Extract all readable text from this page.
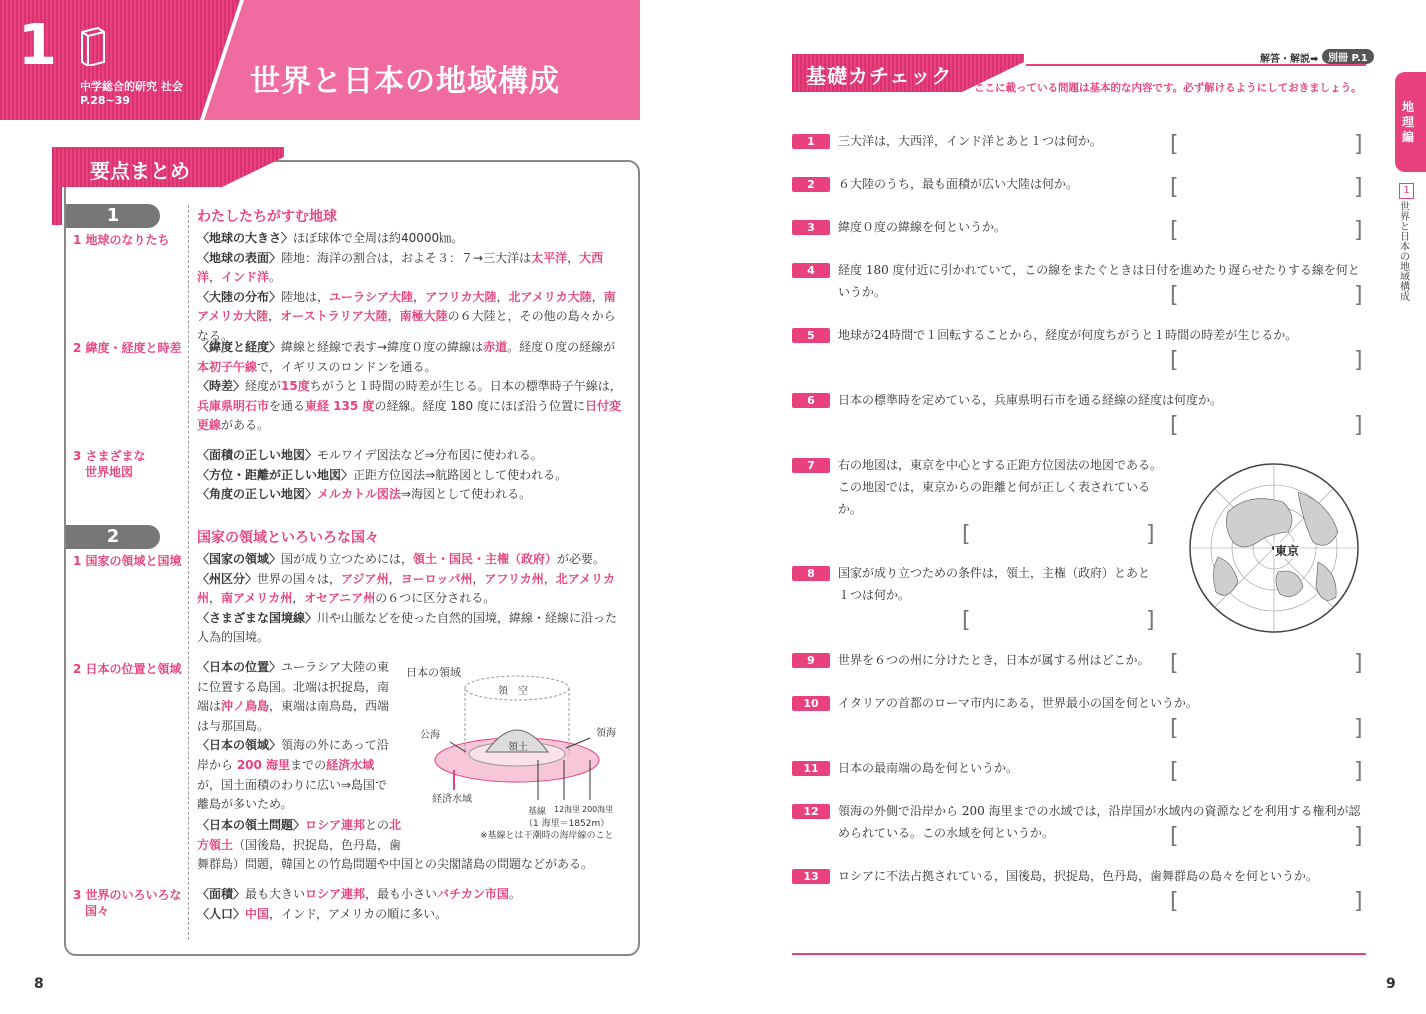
1
中学総合的研究 社会
P.28~39
世界と日本の地域構成
要点まとめ
1	わたしたちがすむ地球
1 地球のなりたち
2 緯度・経度と時差
3 さまざまな
世界地図

〈地球の大きさ〉ほぼ球体で全周は約40000㎞。

〈地球の表面〉陸地：海洋の割合は，およそ３：７→三大洋は太平洋，大西洋，インド洋。

〈大陸の分布〉陸地は，ユーラシア大陸，アフリカ大陸，北アメリカ大陸，南アメリカ大陸，オーストラリア大陸，南極大陸の６大陸と，その他の島々からなる。

〈緯度と経度〉緯線と経線で表す→緯度０度の緯線は赤道。経度０度の経線が本初子午線で，イギリスのロンドンを通る。

〈時差〉経度が15度ちがうと１時間の時差が生じる。日本の標準時子午線は，兵庫県明石市を通る東経 135 度の経線。経度 180 度にほぼ沿う位置に日付変更線がある。

〈面積の正しい地図〉モルワイデ図法など⇒分布図に使われる。

〈方位・距離が正しい地図〉正距方位図法⇒航路図として使われる。

〈角度の正しい地図〉メルカトル図法⇒海図として使われる。

2	国家の領域といろいろな国々
1 国家の領域と国境
2 日本の位置と領域
3 世界のいろいろな
国々

〈国家の領域〉国が成り立つためには，領土・国民・主権（政府）が必要。

〈州区分〉世界の国々は，アジア州，ヨーロッパ州，アフリカ州，北アメリカ州，南アメリカ州，オセアニア州の６つに区分される。

〈さまざまな国境線〉川や山脈などを使った自然的国境，緯線・経線に沿った人為的国境。

〈日本の位置〉ユーラシア大陸の東に位置する島国。北端は択捉島，南端は沖ノ鳥島，東端は南鳥島，西端は与那国島。

〈日本の領域〉領海の外にあって沿岸から 200 海里までの経済水域が，国土面積のわりに広い⇒島国で離島が多いため。

〈日本の領土問題〉ロシア連邦との北

方領土（国後島，択捉島，色丹島，歯

舞群島）問題，韓国との竹島問題や中国との尖閣諸島の問題などがある。

〈面積〉最も大きいロシア連邦，最も小さいバチカン市国。

〈人口〉中国，インド，アメリカの順に多い。

日本の領域
領　空
領土
公海	領海
経済水域
基線 12海里 200海里
（1 海里＝1852m）
※基線とは干潮時の海岸線のこと
8
基礎カチェック
解答・解説➡ 別冊 P.1
ここに載っている問題は基本的な内容です。必ず解けるようにしておきましょう。
1	三大洋は，大西洋，インド洋とあと１つは何か。	[	]
2	６大陸のうち，最も面積が広い大陸は何か。	[	]
3	緯度０度の緯線を何というか。	[	]
4	経度 180 度付近に引かれていて，この線をまたぐときは日付を進めたり遅らせたりする線を何と
いうか。	[	]
5	地球が24時間で１回転することから，経度が何度ちがうと１時間の時差が生じるか。
[	]
6	日本の標準時を定めている，兵庫県明石市を通る経線の経度は何度か。
[	]
7	右の地図は，東京を中心とする正距方位図法の地図である。
この地図では，東京からの距離と何が正しく表されている
か。
[	]
8	国家が成り立つための条件は，領土，主権（政府）とあと
１つは何か。
[	]
9	世界を６つの州に分けたとき，日本が属する州はどこか。 [	]
10	イタリアの首都のローマ市内にある，世界最小の国を何というか。
[	]
11	日本の最南端の島を何というか。	[	]
12	領海の外側で沿岸から 200 海里までの水域では，沿岸国が水域内の資源などを利用する権利が認
められている。この水域を何というか。	[	]
13	ロシアに不法占拠されている，国後島，択捉島，色丹島，歯舞群島の島々を何というか。
[	]
東京
地理編
1
世界と日本の地域構成
9
